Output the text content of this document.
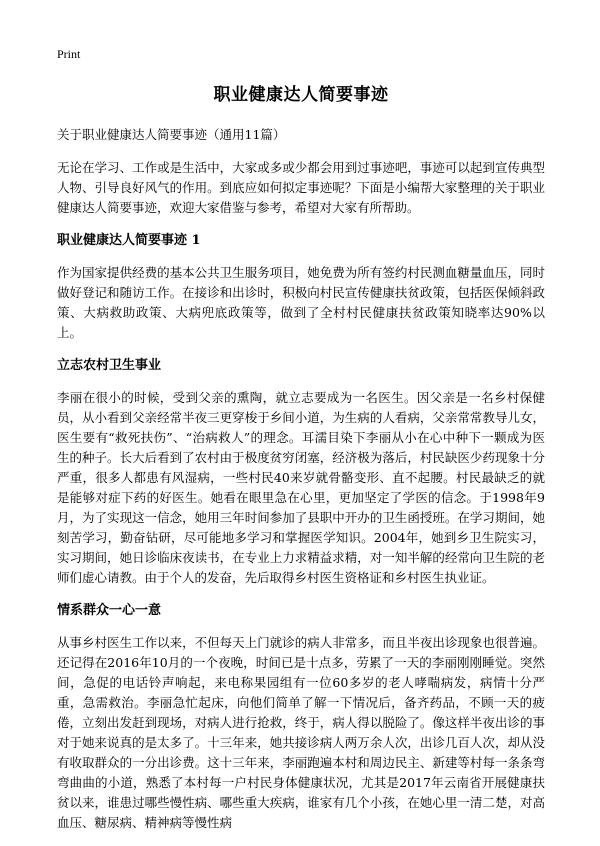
Print
职业健康达人简要事迹
关于职业健康达人简要事迹（通用11篇）

无论在学习、工作或是生活中，大家或多或少都会用到过事迹吧，事迹可以起到宣传典型人物、引导良好风气的作用。到底应如何拟定事迹呢？下面是小编帮大家整理的关于职业健康达人简要事迹，欢迎大家借鉴与参考，希望对大家有所帮助。

职业健康达人简要事迹 1

作为国家提供经费的基本公共卫生服务项目，她免费为所有签约村民测血糖量血压，同时做好登记和随访工作。在接诊和出诊时，积极向村民宣传健康扶贫政策，包括医保倾斜政策、大病救助政策、大病兜底政策等，做到了全村村民健康扶贫政策知晓率达90%以上。

立志农村卫生事业

李丽在很小的时候，受到父亲的熏陶，就立志要成为一名医生。因父亲是一名乡村保健员，从小看到父亲经常半夜三更穿梭于乡间小道，为生病的人看病，父亲常常教导儿女，医生要有“救死扶伤”、“治病救人”的理念。耳濡目染下李丽从小在心中种下一颗成为医生的种子。长大后看到了农村由于极度贫穷闭塞，经济极为落后，村民缺医少药现象十分严重，很多人都患有风湿病，一些村民40来岁就骨骼变形、直不起腰。村民最缺乏的就是能够对症下药的好医生。她看在眼里急在心里，更加坚定了学医的信念。于1998年9月，为了实现这一信念，她用三年时间参加了县职中开办的卫生函授班。在学习期间，她刻苦学习，勤奋钻研，尽可能地多学习和掌握医学知识。2004年，她到乡卫生院实习，实习期间，她日诊临床夜读书，在专业上力求精益求精，对一知半解的经常向卫生院的老师们虚心请教。由于个人的发奋，先后取得乡村医生资格证和乡村医生执业证。

情系群众一心一意

从事乡村医生工作以来，不但每天上门就诊的病人非常多，而且半夜出诊现象也很普遍。还记得在2016年10月的一个夜晚，时间已是十点多，劳累了一天的李丽刚刚睡觉。突然间，急促的电话铃声响起，来电称果园组有一位60多岁的老人哮喘病发，病情十分严重，急需救治。李丽急忙起床，向他们简单了解一下情况后，备齐药品，不顾一天的疲倦，立刻出发赶到现场，对病人进行抢救，终于，病人得以脱险了。像这样半夜出诊的事对于她来说真的是太多了。十三年来，她共接诊病人两万余人次，出诊几百人次，却从没有收取群众的一分出诊费。这十三年来，李丽跑遍本村和周边民主、新建等村每一条条弯弯曲曲的小道，熟悉了本村每一户村民身体健康状况，尤其是2017年云南省开展健康扶贫以来，谁患过哪些慢性病、哪些重大疾病，谁家有几个小孩，在她心里一清二楚，对高血压、糖尿病、精神病等慢性病
